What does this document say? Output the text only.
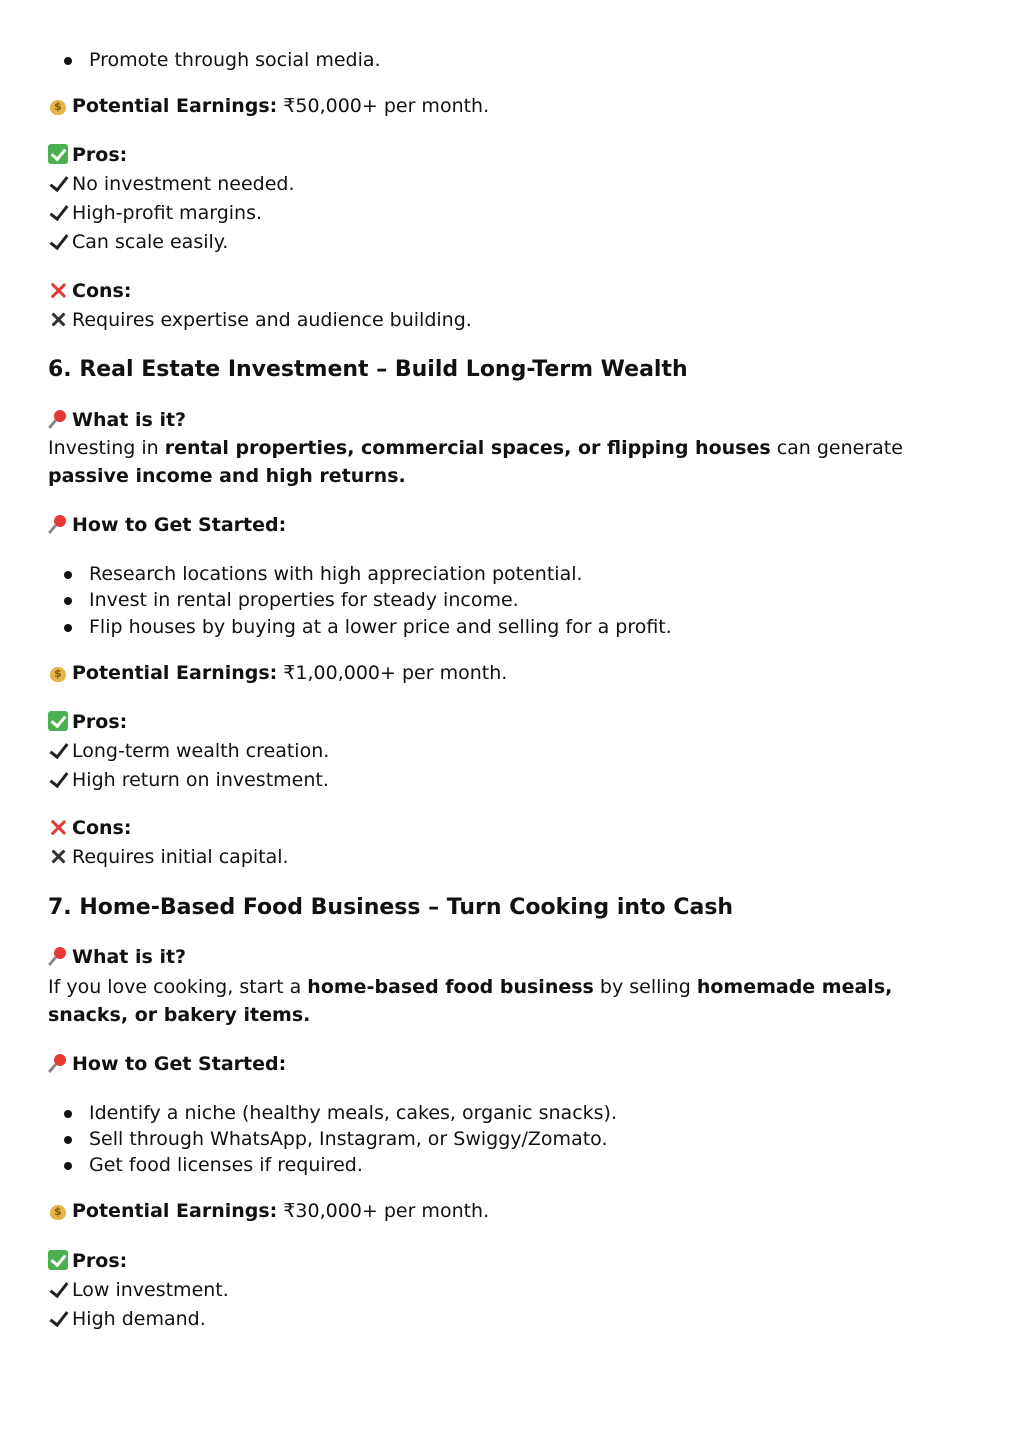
Promote through social media.
$Potential Earnings: ₹50,000+ per month.
Pros:
No investment needed.
High-profit margins.
Can scale easily.
Cons:
Requires expertise and audience building.
6. Real Estate Investment – Build Long-Term Wealth
What is it?
Investing in rental properties, commercial spaces, or flipping houses can generate passive income and high returns.
How to Get Started:
Research locations with high appreciation potential.
Invest in rental properties for steady income.
Flip houses by buying at a lower price and selling for a profit.
$Potential Earnings: ₹1,00,000+ per month.
Pros:
Long-term wealth creation.
High return on investment.
Cons:
Requires initial capital.
7. Home-Based Food Business – Turn Cooking into Cash
What is it?
If you love cooking, start a home-based food business by selling homemade meals, snacks, or bakery items.
How to Get Started:
Identify a niche (healthy meals, cakes, organic snacks).
Sell through WhatsApp, Instagram, or Swiggy/Zomato.
Get food licenses if required.
$Potential Earnings: ₹30,000+ per month.
Pros:
Low investment.
High demand.
